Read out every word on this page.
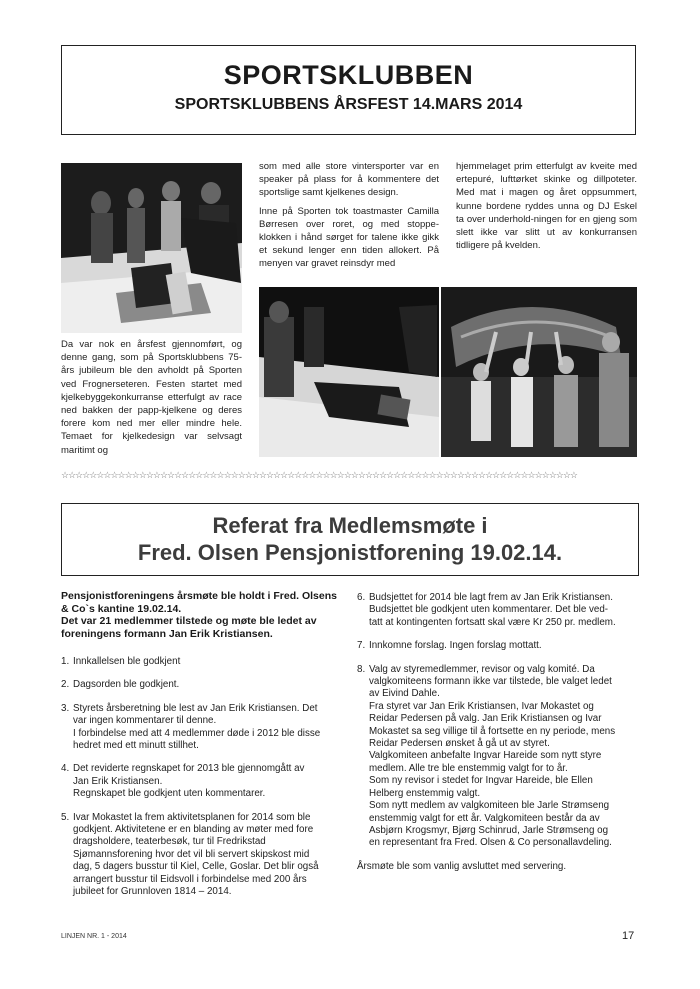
SPORTSKLUBBEN
SPORTSKLUBBENS ÅRSFEST 14.MARS 2014

Da var nok en årsfest gjennomført, og denne gang, som på Sportsklubbens 75-års jubileum ble den avholdt på Sporten ved Frognerseteren. Festen startet med kjelkebyggekonkurranse etterfulgt av race ned bakken der papp-kjelkene og deres forere kom ned mer eller mindre hele. Temaet for kjelkedesign var selvsagt maritimt og

som med alle store vintersporter var en speaker på plass for å kommentere det sportslige samt kjelkenes design.

Inne på Sporten tok toastmaster Camilla Børresen over roret, og med stoppe-klokken i hånd sørget for talene ikke gikk et sekund lenger enn tiden allokert. På menyen var gravet reinsdyr med

hjemmelaget prim etterfulgt av kveite med ertepuré, lufttørket skinke og dillpoteter. Med mat i magen og året oppsummert, kunne bordene ryddes unna og DJ Eskel ta over underhold-ningen for en gjeng som slett ikke var slitt ut av konkurransen tidligere på kvelden.

☆☆☆☆☆☆☆☆☆☆☆☆☆☆☆☆☆☆☆☆☆☆☆☆☆☆☆☆☆☆☆☆☆☆☆☆☆☆☆☆☆☆☆☆☆☆☆☆☆☆☆☆☆☆☆☆☆☆☆☆☆☆☆☆☆☆☆☆☆☆☆☆☆
Referat fra Medlemsmøte i
Fred. Olsen Pensjonistforening 19.02.14.
Pensjonistforeningens årsmøte ble holdt i Fred. Olsens & Co`s kantine 19.02.14.
Det var 21 medlemmer tilstede og møte ble ledet av foreningens formann Jan Erik Kristiansen.
1. Innkallelsen ble godkjent
2. Dagsorden ble godkjent.
3. Styrets årsberetning ble lest av Jan Erik Kristiansen. Det
var ingen kommentarer til denne.
I forbindelse med att 4 medlemmer døde i 2012 ble disse
hedret med ett minutt stillhet.
4. Det reviderte regnskapet for 2013 ble gjennomgått av
Jan Erik Kristiansen.
Regnskapet ble godkjent uten kommentarer.
5. Ivar Mokastet la frem aktivitetsplanen for 2014 som ble
godkjent. Aktivitetene er en blanding av møter med fore
dragsholdere, teaterbesøk, tur til Fredrikstad
Sjømannsforening hvor det vil bli servert skipskost mid
dag, 5 dagers busstur til Kiel, Celle, Goslar. Det blir også
arrangert busstur til Eidsvoll i forbindelse med 200 års
jubileet for Grunnloven 1814 – 2014.
6. Budsjettet for 2014 ble lagt frem av Jan Erik Kristiansen.
Budsjettet ble godkjent uten kommentarer. Det ble ved-
tatt at kontingenten fortsatt skal være Kr 250 pr. medlem.
7. Innkomne forslag. Ingen forslag mottatt.
8. Valg av styremedlemmer, revisor og valg komité. Da
valgkomiteens formann ikke var tilstede, ble valget ledet
av Eivind Dahle.
Fra styret var Jan Erik Kristiansen, Ivar Mokastet og
Reidar Pedersen på valg. Jan Erik Kristiansen og Ivar
Mokastet sa seg villige til å fortsette en ny periode, mens
Reidar Pedersen ønsket å gå ut av styret.
Valgkomiteen anbefalte Ingvar Hareide som nytt styre
medlem. Alle tre ble enstemmig valgt for to år.
Som ny revisor i stedet for Ingvar Hareide, ble Ellen
Helberg enstemmig valgt.
Som nytt medlem av valgkomiteen ble Jarle Strømseng
enstemmig valgt for ett år. Valgkomiteen består da av
Asbjørn Krogsmyr, Bjørg Schinrud, Jarle Strømseng og
en representant fra Fred. Olsen & Co personallavdeling.
Årsmøte ble som vanlig avsluttet med servering.
LINJEN NR. 1 - 2014	17
